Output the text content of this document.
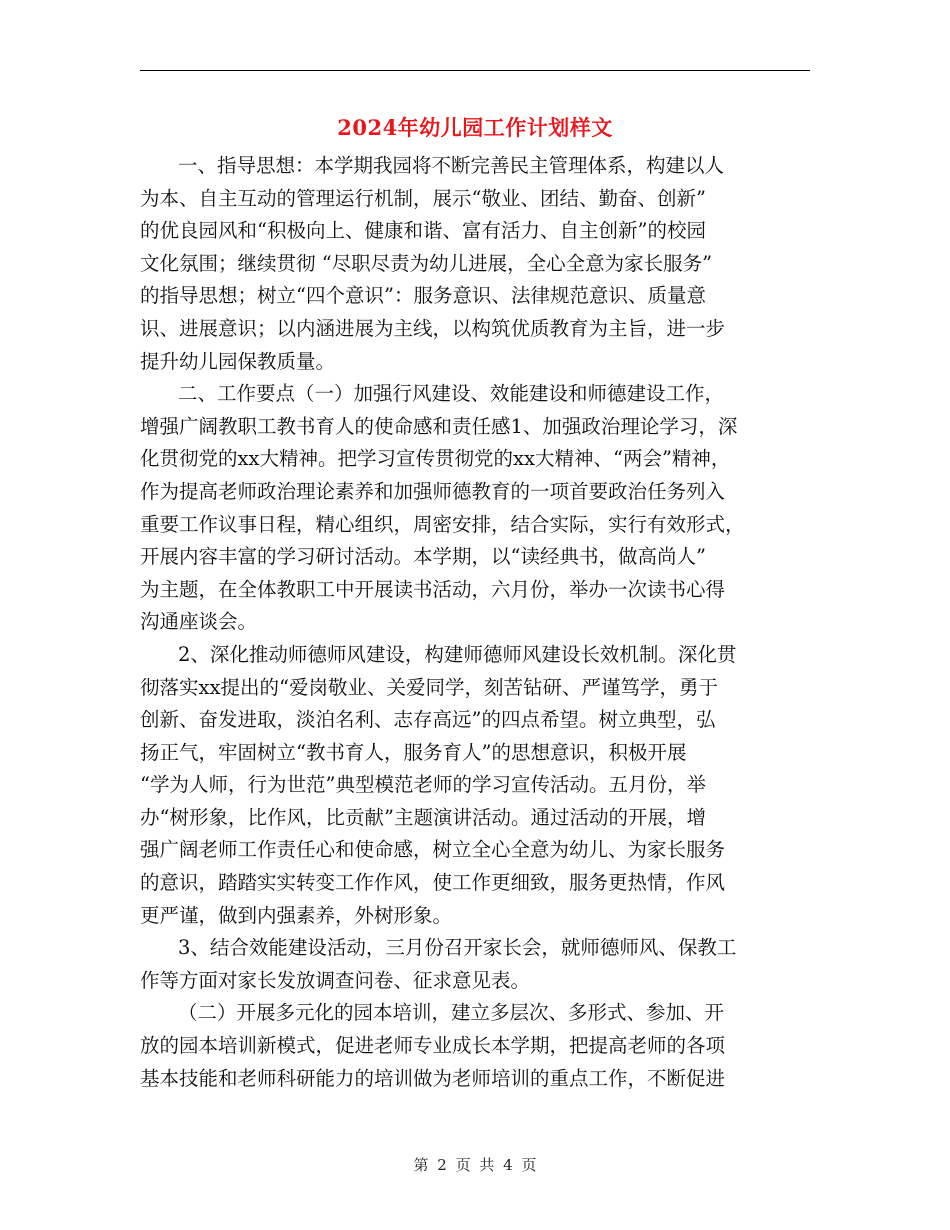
2024年幼儿园工作计划样文
一、指导思想：本学期我园将不断完善民主管理体系，构建以人
为本、自主互动的管理运行机制，展示“敬业、团结、勤奋、创新”
的优良园风和“积极向上、健康和谐、富有活力、自主创新”的校园
文化氛围；继续贯彻 “尽职尽责为幼儿进展，全心全意为家长服务”
的指导思想；树立“四个意识”：服务意识、法律规范意识、质量意
识、进展意识；以内涵进展为主线，以构筑优质教育为主旨，进一步
提升幼儿园保教质量。
二、工作要点（一）加强行风建设、效能建设和师德建设工作，
增强广阔教职工教书育人的使命感和责任感1、加强政治理论学习，深
化贯彻党的xx大精神。把学习宣传贯彻党的xx大精神、“两会”精神，
作为提高老师政治理论素养和加强师德教育的一项首要政治任务列入
重要工作议事日程，精心组织，周密安排，结合实际，实行有效形式，
开展内容丰富的学习研讨活动。本学期，以“读经典书，做高尚人”
为主题，在全体教职工中开展读书活动，六月份，举办一次读书心得
沟通座谈会。
2、深化推动师德师风建设，构建师德师风建设长效机制。深化贯
彻落实xx提出的“爱岗敬业、关爱同学，刻苦钻研、严谨笃学，勇于
创新、奋发进取，淡泊名利、志存高远”的四点希望。树立典型，弘
扬正气，牢固树立“教书育人，服务育人”的思想意识，积极开展
“学为人师，行为世范”典型模范老师的学习宣传活动。五月份，举
办“树形象，比作风，比贡献”主题演讲活动。通过活动的开展，增
强广阔老师工作责任心和使命感，树立全心全意为幼儿、为家长服务
的意识，踏踏实实转变工作作风，使工作更细致，服务更热情，作风
更严谨，做到内强素养，外树形象。
3、结合效能建设活动，三月份召开家长会，就师德师风、保教工
作等方面对家长发放调查问卷、征求意见表。
（二）开展多元化的园本培训，建立多层次、多形式、参加、开
放的园本培训新模式，促进老师专业成长本学期，把提高老师的各项
基本技能和老师科研能力的培训做为老师培训的重点工作，不断促进
第 2 页 共 4 页
